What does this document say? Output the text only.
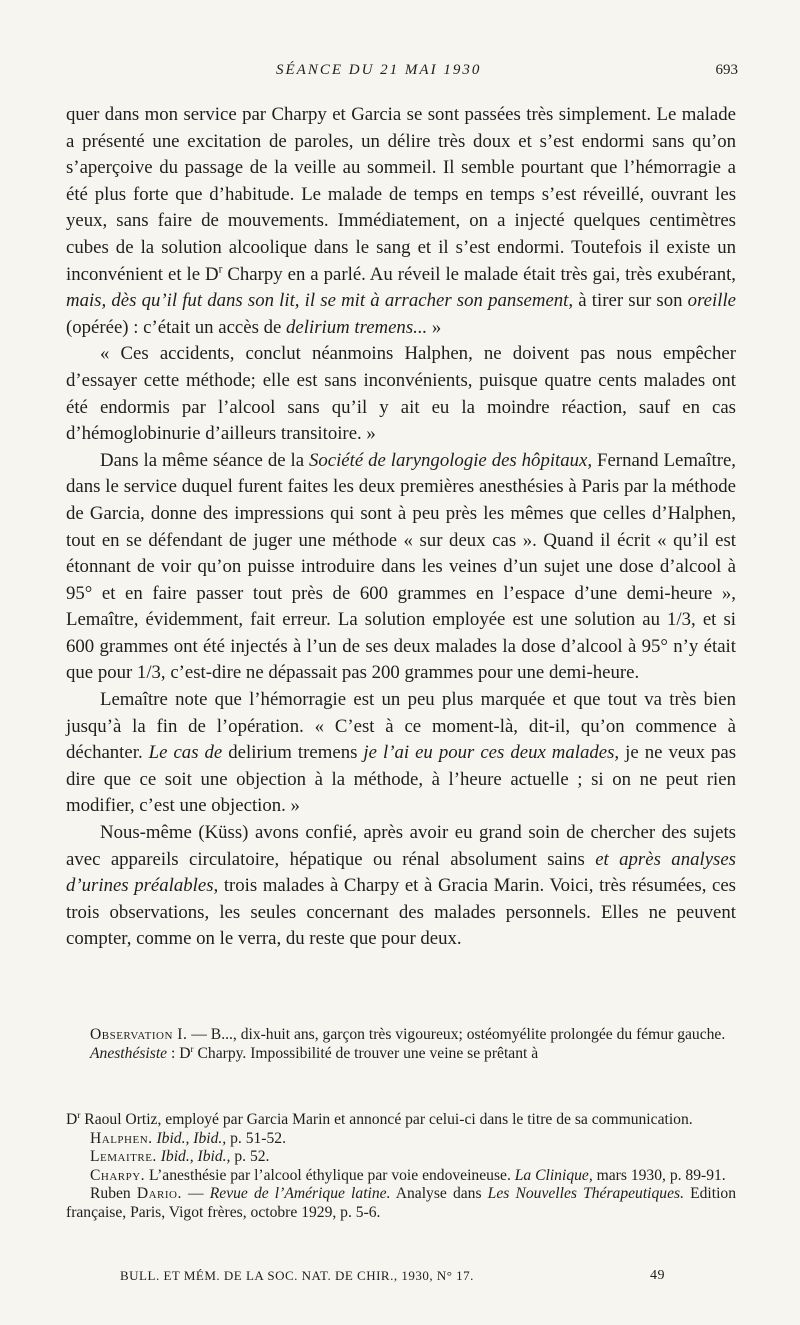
SÉANCE DU 21 MAI 1930	693

quer dans mon service par Charpy et Garcia se sont passées très simplement. Le malade a présenté une excitation de paroles, un délire très doux et s’est endormi sans qu’on s’aperçoive du passage de la veille au sommeil. Il semble pourtant que l’hémorragie a été plus forte que d’habitude. Le malade de temps en temps s’est réveillé, ouvrant les yeux, sans faire de mouvements. Immédiatement, on a injecté quelques centimètres cubes de la solution alcoolique dans le sang et il s’est endormi. Toutefois il existe un inconvénient et le $D^r$ Charpy en a parlé. Au réveil le malade était très gai, très exubérant, mais, dès qu’il fut dans son lit, il se mit à arracher son pansement, à tirer sur son oreille (opérée) : c’était un accès de delirium tremens... »

« Ces accidents, conclut néanmoins Halphen, ne doivent pas nous empêcher d’essayer cette méthode; elle est sans inconvénients, puisque quatre cents malades ont été endormis par l’alcool sans qu’il y ait eu la moindre réaction, sauf en cas d’hémoglobinurie d’ailleurs transitoire. »

Dans la même séance de la Société de laryngologie des hôpitaux, Fernand Lemaître, dans le service duquel furent faites les deux premières anesthésies à Paris par la méthode de Garcia, donne des impressions qui sont à peu près les mêmes que celles d’Halphen, tout en se défendant de juger une méthode « sur deux cas ». Quand il écrit « qu’il est étonnant de voir qu’on puisse introduire dans les veines d’un sujet une dose d’alcool à 95° et en faire passer tout près de 600 grammes en l’espace d’une demi-heure », Lemaître, évidemment, fait erreur. La solution employée est une solution au 1/3, et si 600 grammes ont été injectés à l’un de ses deux malades la dose d’alcool à 95° n’y était que pour 1/3, c’est-dire ne dépassait pas 200 grammes pour une demi-heure.

Lemaître note que l’hémorragie est un peu plus marquée et que tout va très bien jusqu’à la fin de l’opération. « C’est à ce moment-là, dit-il, qu’on commence à déchanter. Le cas de delirium tremens je l’ai eu pour ces deux malades, je ne veux pas dire que ce soit une objection à la méthode, à l’heure actuelle ; si on ne peut rien modifier, c’est une objection. »

Nous-même (Küss) avons confié, après avoir eu grand soin de chercher des sujets avec appareils circulatoire, hépatique ou rénal absolument sains et après analyses d’urines préalables, trois malades à Charpy et à Gracia Marin. Voici, très résumées, ces trois observations, les seules concernant des malades personnels. Elles ne peuvent compter, comme on le verra, du reste que pour deux.

Observation I. — B..., dix-huit ans, garçon très vigoureux; ostéomyélite prolongée du fémur gauche.

Anesthésiste : $D^r$ Charpy. Impossibilité de trouver une veine se prêtant à

$D^r$ Raoul Ortiz, employé par Garcia Marin et annoncé par celui-ci dans le titre de sa communication.

Halphen. Ibid., Ibid., p. 51-52.

Lemaitre. Ibid., Ibid., p. 52.

Charpy. L’anesthésie par l’alcool éthylique par voie endoveineuse. La Clinique, mars 1930, p. 89-91.

Ruben Dario. — Revue de l’Amérique latine. Analyse dans Les Nouvelles Thérapeutiques. Edition française, Paris, Vigot frères, octobre 1929, p. 5-6.

BULL. ET MÉM. DE LA SOC. NAT. DE CHIR., 1930, N° 17.	49
